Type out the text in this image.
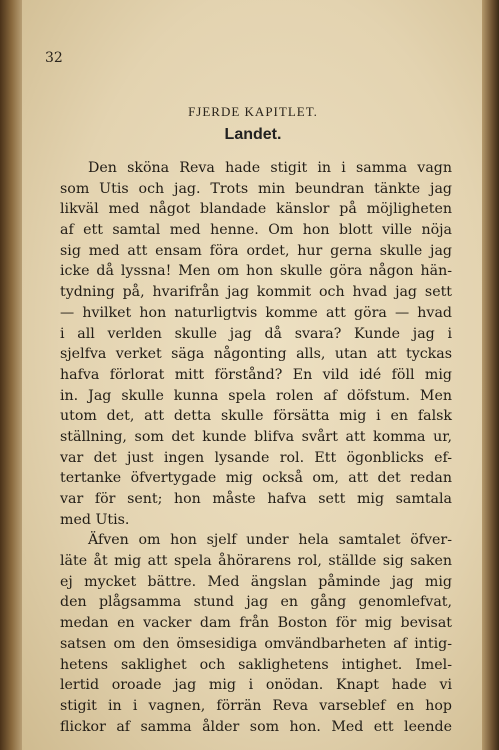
32
FJERDE KAPITLET.
Landet.
Den sköna Reva hade stigit in i samma vagn
som Utis och jag. Trots min beundran tänkte jag
likväl med något blandade känslor på möjligheten
af ett samtal med henne. Om hon blott ville nöja
sig med att ensam föra ordet, hur gerna skulle jag
icke då lyssna! Men om hon skulle göra någon hän-
tydning på, hvarifrån jag kommit och hvad jag sett
— hvilket hon naturligtvis komme att göra — hvad
i all verlden skulle jag då svara? Kunde jag i
sjelfva verket säga någonting alls, utan att tyckas
hafva förlorat mitt förstånd? En vild idé föll mig
in. Jag skulle kunna spela rolen af döfstum. Men
utom det, att detta skulle försätta mig i en falsk
ställning, som det kunde blifva svårt att komma ur,
var det just ingen lysande rol. Ett ögonblicks ef-
tertanke öfvertygade mig också om, att det redan
var för sent; hon måste hafva sett mig samtala
med Utis.
Äfven om hon sjelf under hela samtalet öfver-
läte åt mig att spela åhörarens rol, ställde sig saken
ej mycket bättre. Med ängslan påminde jag mig
den plågsamma stund jag en gång genomlefvat,
medan en vacker dam från Boston för mig bevisat
satsen om den ömsesidiga omvändbarheten af intig-
hetens saklighet och saklighetens intighet. Imel-
lertid oroade jag mig i onödan. Knapt hade vi
stigit in i vagnen, förrän Reva varseblef en hop
flickor af samma ålder som hon. Med ett leende
